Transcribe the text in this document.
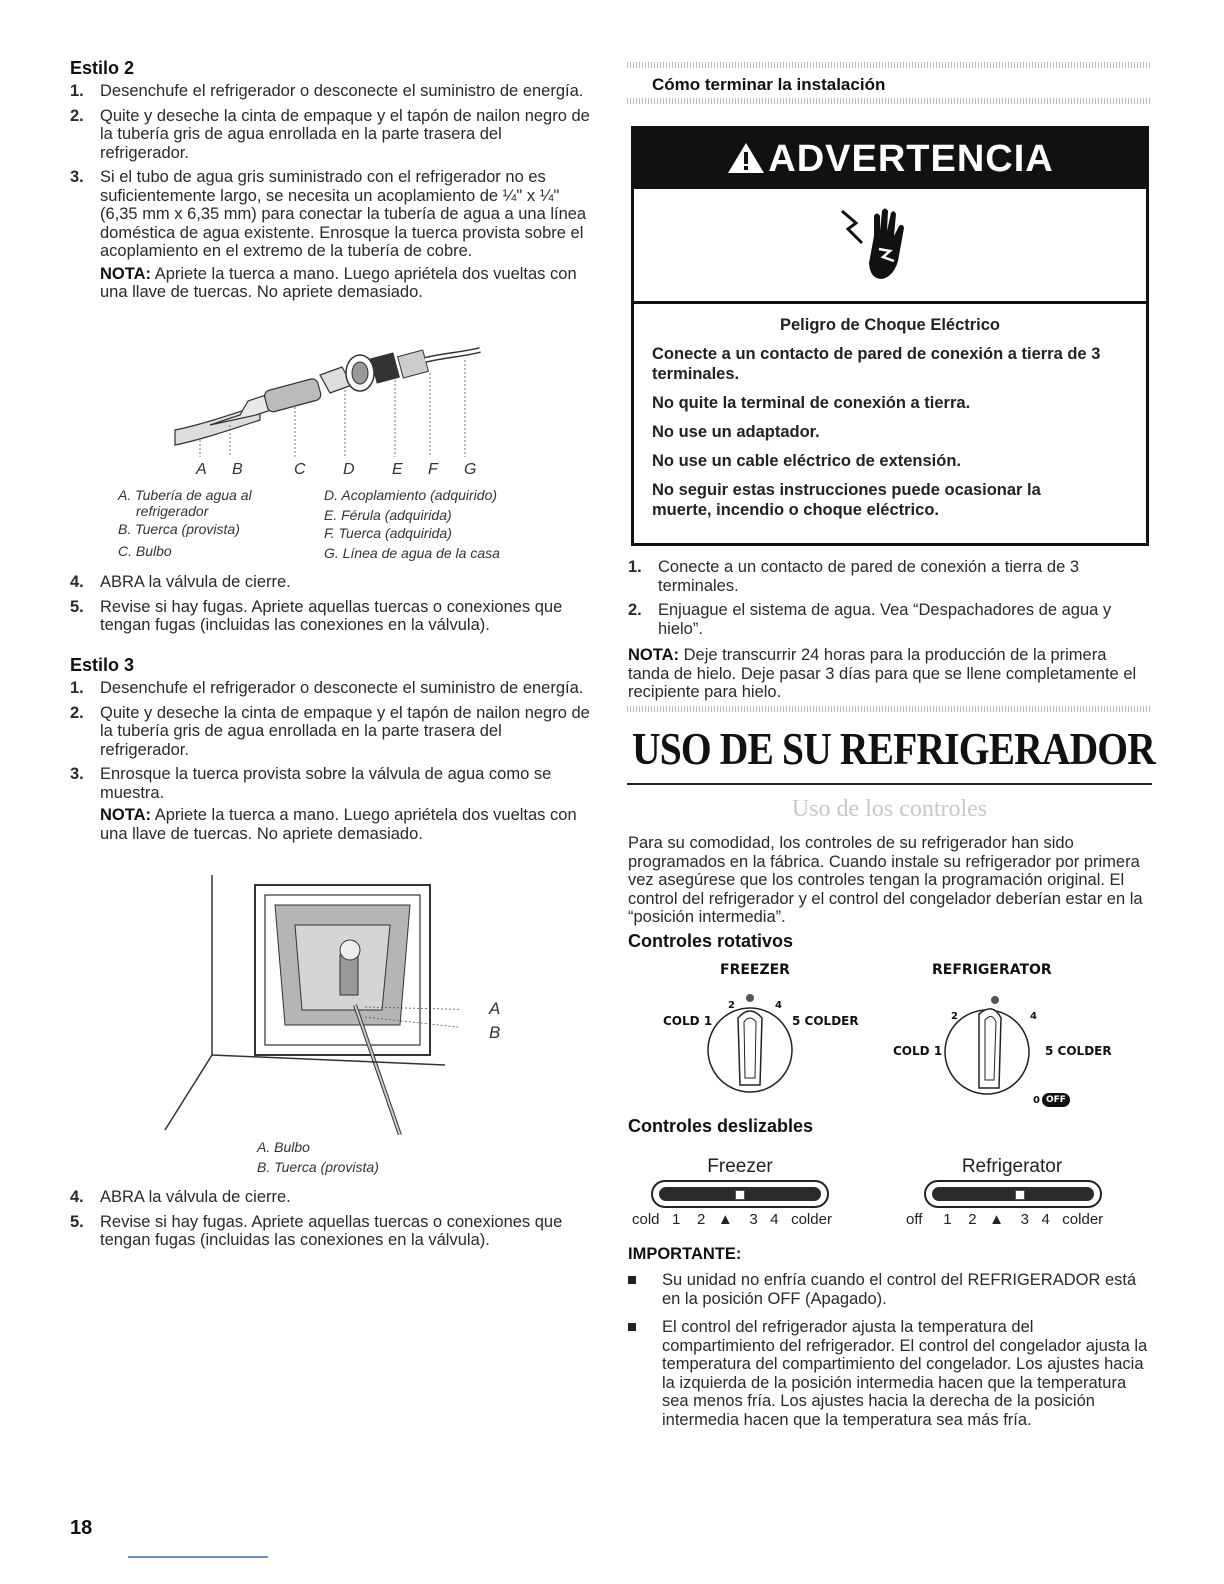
Estilo 2
1. Desenchufe el refrigerador o desconecte el suministro de energía.
2. Quite y deseche la cinta de empaque y el tapón de nailon negro de la tubería gris de agua enrollada en la parte trasera del refrigerador.
3. Si el tubo de agua gris suministrado con el refrigerador no es suficientemente largo, se necesita un acoplamiento de ¼" x ¼" (6,35 mm x 6,35 mm) para conectar la tubería de agua a una línea doméstica de agua existente. Enrosque la tuerca provista sobre el acoplamiento en el extremo de la tubería de cobre.
NOTA: Apriete la tuerca a mano. Luego apriétela dos vueltas con una llave de tuercas. No apriete demasiado.
A B	C D E F G
A. Tubería de agua al
refrigerador
B. Tuerca (provista)
C. Bulbo
D. Acoplamiento (adquirido)
E. Férula (adquirida)
F. Tuerca (adquirida)
G. Línea de agua de la casa
4. ABRA la válvula de cierre.
5. Revise si hay fugas. Apriete aquellas tuercas o conexiones que tengan fugas (incluidas las conexiones en la válvula).
Estilo 3
1. Desenchufe el refrigerador o desconecte el suministro de energía.
2. Quite y deseche la cinta de empaque y el tapón de nailon negro de la tubería gris de agua enrollada en la parte trasera del refrigerador.
3. Enrosque la tuerca provista sobre la válvula de agua como se muestra.
NOTA: Apriete la tuerca a mano. Luego apriétela dos vueltas con una llave de tuercas. No apriete demasiado.
A
B
A. Bulbo
B. Tuerca (provista)
4. ABRA la válvula de cierre.
5. Revise si hay fugas. Apriete aquellas tuercas o conexiones que tengan fugas (incluidas las conexiones en la válvula).
18
Cómo terminar la instalación
ADVERTENCIA

Peligro de Choque Eléctrico

Conecte a un contacto de pared de conexión a tierra de 3 terminales.

No quite la terminal de conexión a tierra.

No use un adaptador.

No use un cable eléctrico de extensión.

No seguir estas instrucciones puede ocasionar la muerte, incendio o choque eléctrico.

1. Conecte a un contacto de pared de conexión a tierra de 3 terminales.
2. Enjuague el sistema de agua. Vea “Despachadores de agua y hielo”.
NOTA: Deje transcurrir 24 horas para la producción de la primera tanda de hielo. Deje pasar 3 días para que se llene completamente el recipiente para hielo.
USO DE SU REFRIGERADOR
Uso de los controles
Para su comodidad, los controles de su refrigerador han sido programados en la fábrica. Cuando instale su refrigerador por primera vez asegúrese que los controles tengan la programación original. El control del refrigerador y el control del congelador deberían estar en la “posición intermedia”.
Controles rotativos
FREEZER
COLD 1
2	4
5 COLDER
REFRIGERATOR
2	4
COLD 1	5 COLDER
0 OFF
Controles deslizables
Freezer
cold   1    2   ▲    3   4   colder
Refrigerator
off     1    2   ▲    3   4   colder
IMPORTANTE:
Su unidad no enfría cuando el control del REFRIGERADOR está en la posición OFF (Apagado).
El control del refrigerador ajusta la temperatura del compartimiento del refrigerador. El control del congelador ajusta la temperatura del compartimiento del congelador. Los ajustes hacia la izquierda de la posición intermedia hacen que la temperatura sea menos fría. Los ajustes hacia la derecha de la posición intermedia hacen que la temperatura sea más fría.
